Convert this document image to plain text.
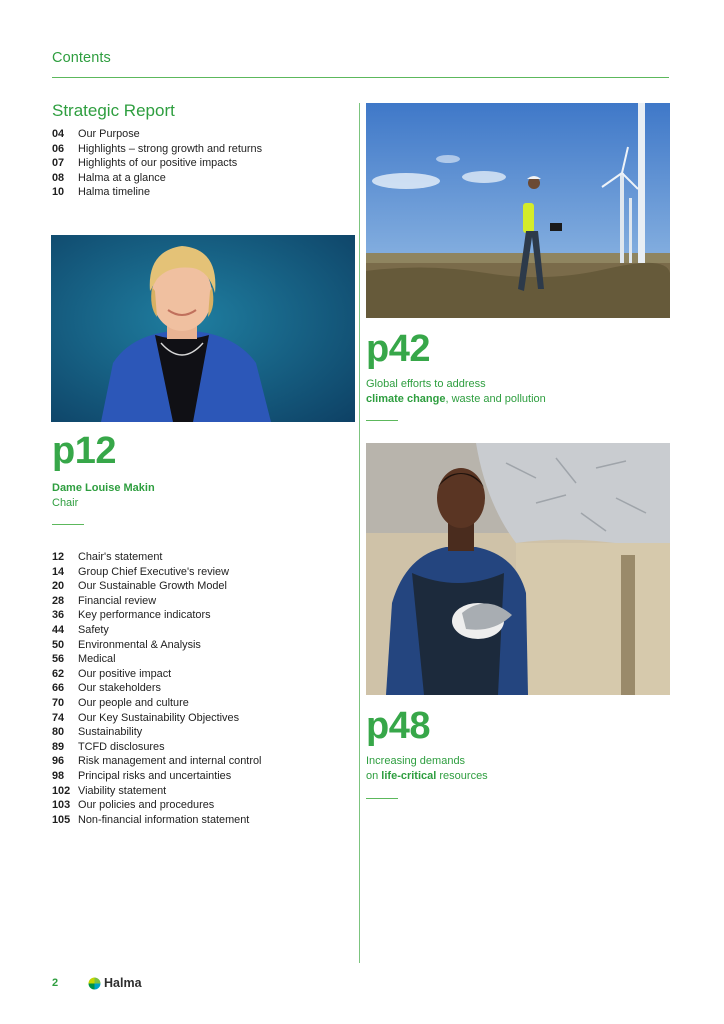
Contents
Strategic Report
04	Our Purpose
06	Highlights – strong growth and returns
07	Highlights of our positive impacts
08	Halma at a glance
10	Halma timeline
p12
Dame Louise Makin
Chair
12	Chair's statement
14	Group Chief Executive's review
20	Our Sustainable Growth Model
28	Financial review
36	Key performance indicators
44	Safety
50	Environmental & Analysis
56	Medical
62	Our positive impact
66	Our stakeholders
70	Our people and culture
74	Our Key Sustainability Objectives
80	Sustainability
89	TCFD disclosures
96	Risk management and internal control
98	Principal risks and uncertainties
102 Viability statement
103 Our policies and procedures
105 Non-financial information statement
p42
Global efforts to address
climate change, waste and pollution
p48
Increasing demands
on life-critical resources
2	Halma
